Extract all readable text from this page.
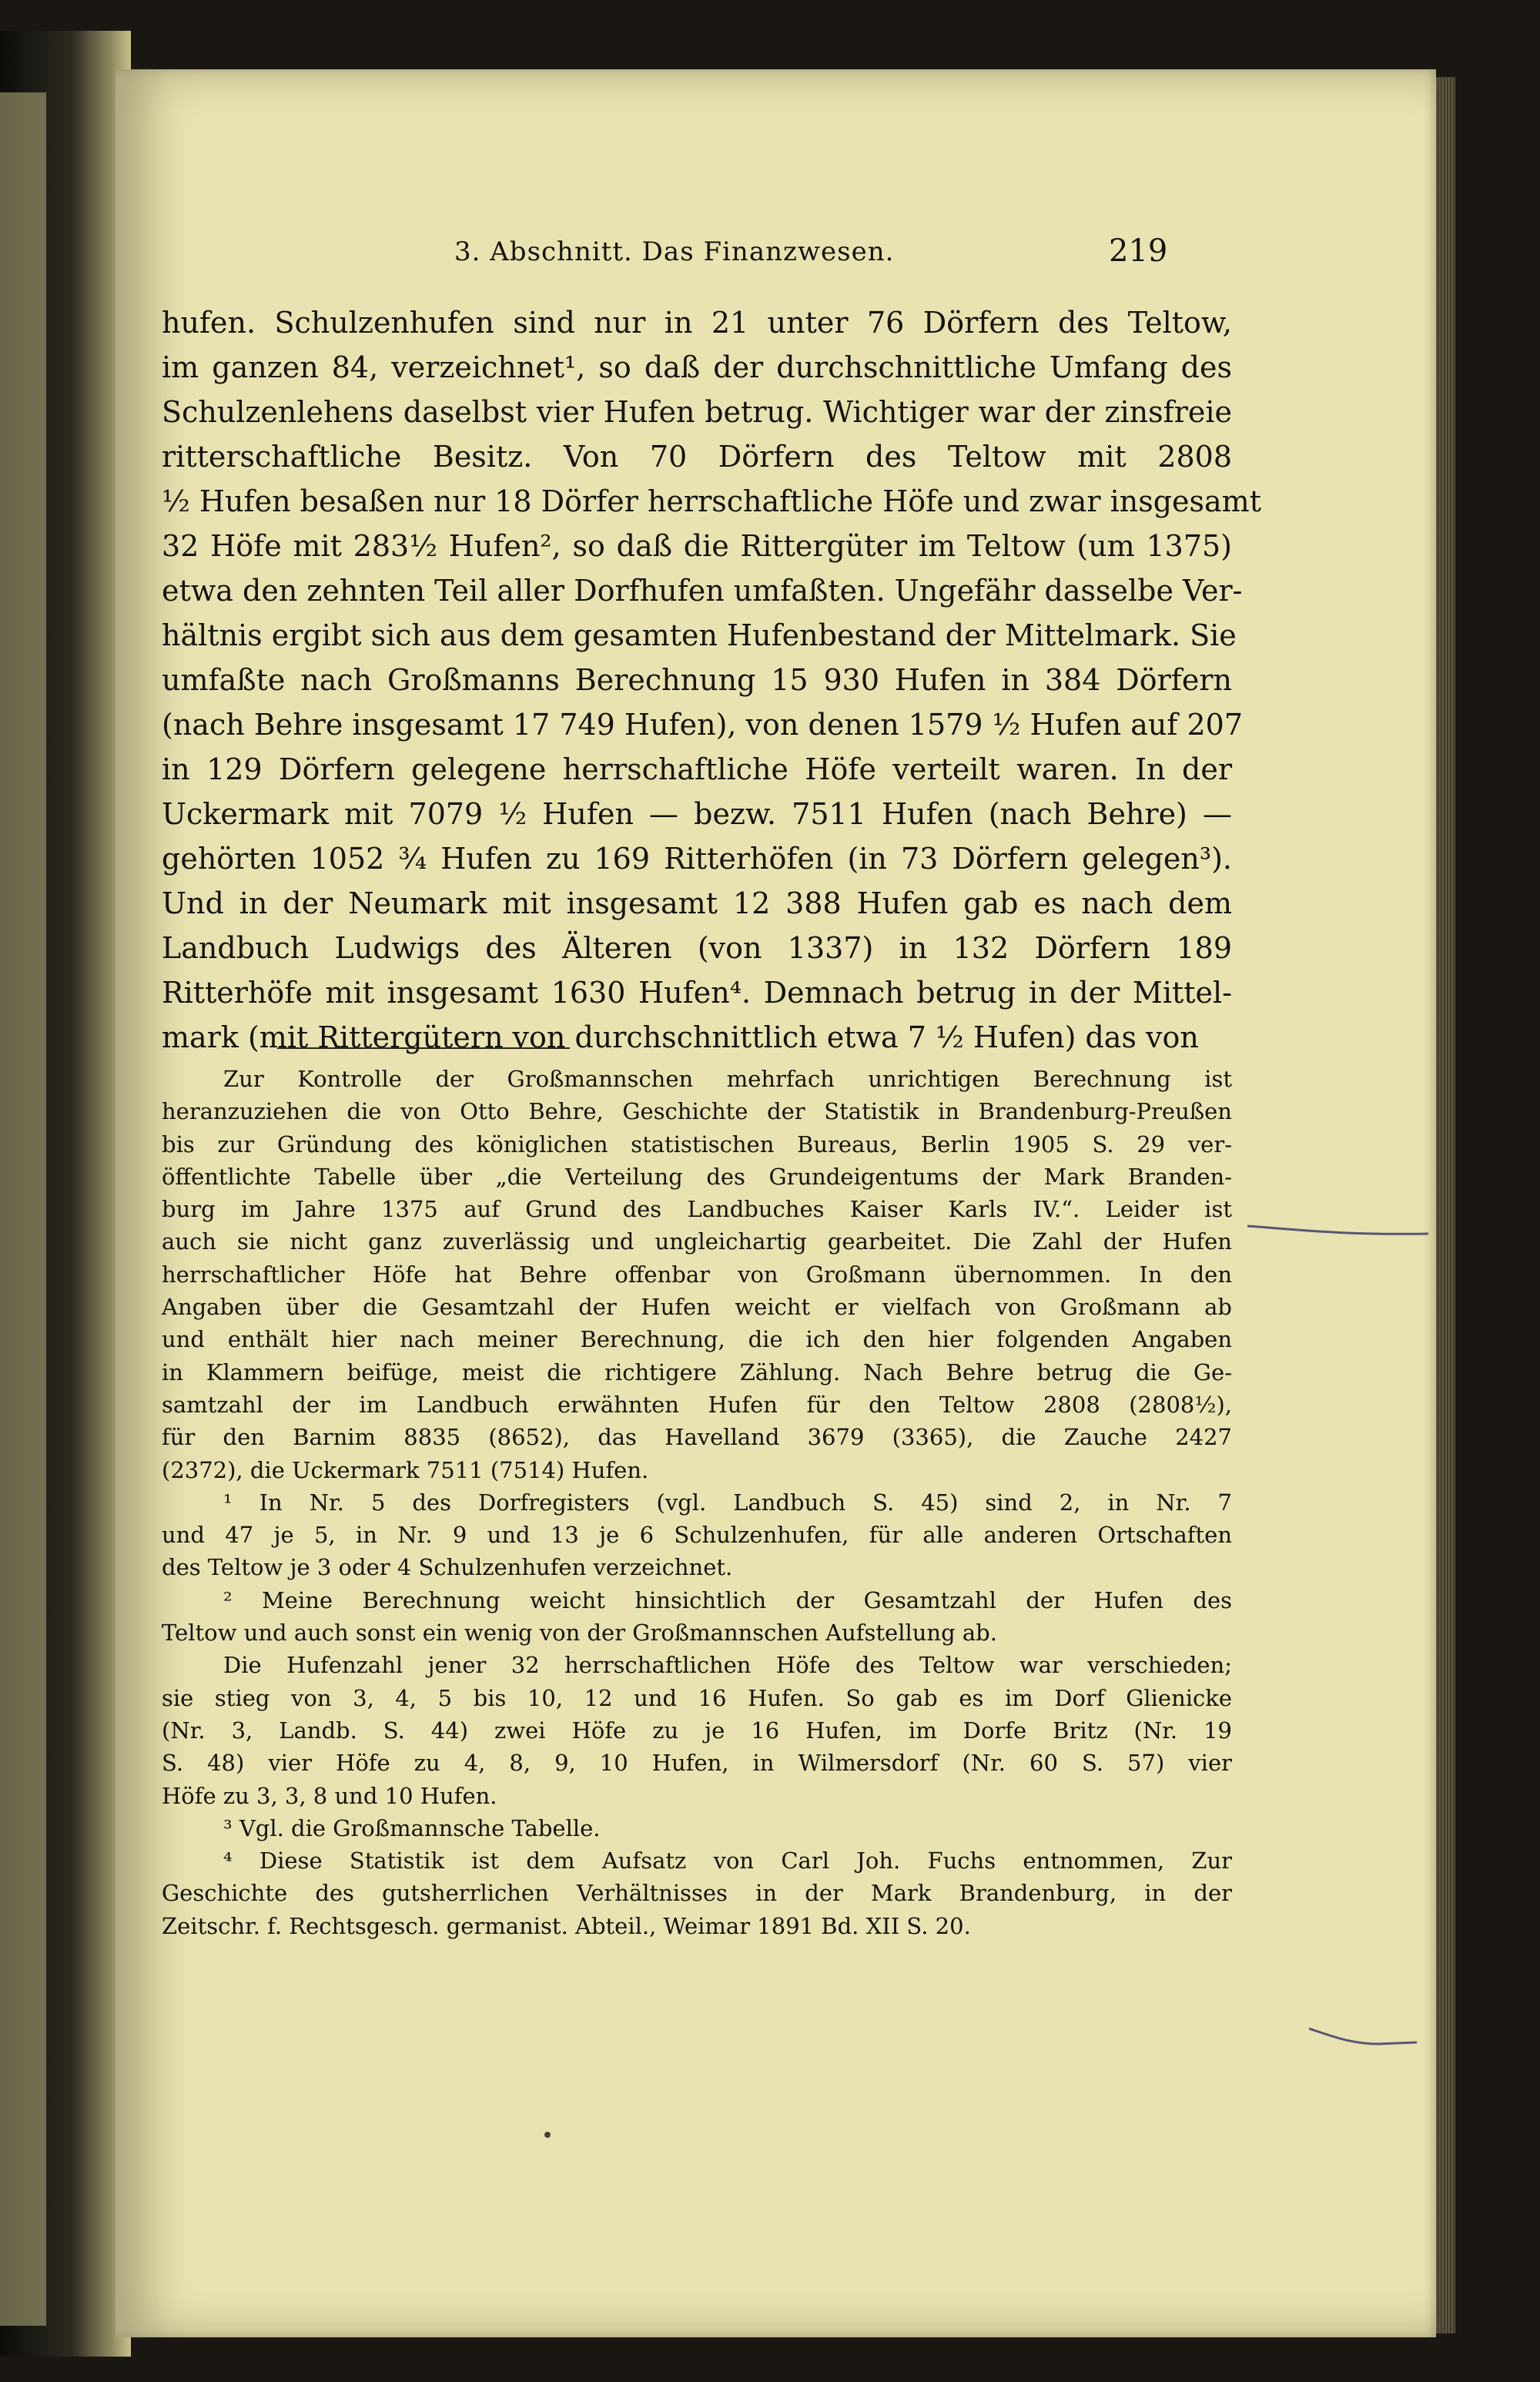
3. Abschnitt. Das Finanzwesen.	219
hufen. Schulzenhufen sind nur in 21 unter 76 Dörfern des Teltow,
im ganzen 84, verzeichnet¹, so daß der durchschnittliche Umfang des
Schulzenlehens daselbst vier Hufen betrug. Wichtiger war der zinsfreie
ritterschaftliche Besitz. Von 70 Dörfern des Teltow mit 2808
½ Hufen besaßen nur 18 Dörfer herrschaftliche Höfe und zwar insgesamt
32 Höfe mit 283½ Hufen², so daß die Rittergüter im Teltow (um 1375)
etwa den zehnten Teil aller Dorfhufen umfaßten. Ungefähr dasselbe Ver-
hältnis ergibt sich aus dem gesamten Hufenbestand der Mittelmark. Sie
umfaßte nach Großmanns Berechnung 15 930 Hufen in 384 Dörfern
(nach Behre insgesamt 17 749 Hufen), von denen 1579 ½ Hufen auf 207
in 129 Dörfern gelegene herrschaftliche Höfe verteilt waren. In der
Uckermark mit 7079 ½ Hufen — bezw. 7511 Hufen (nach Behre) —
gehörten 1052 ¾ Hufen zu 169 Ritterhöfen (in 73 Dörfern gelegen³).
Und in der Neumark mit insgesamt 12 388 Hufen gab es nach dem
Landbuch Ludwigs des Älteren (von 1337) in 132 Dörfern 189
Ritterhöfe mit insgesamt 1630 Hufen⁴. Demnach betrug in der Mittel-
mark (mit Rittergütern von durchschnittlich etwa 7 ½ Hufen) das von
Zur Kontrolle der Großmannschen mehrfach unrichtigen Berechnung ist
heranzuziehen die von Otto Behre, Geschichte der Statistik in Brandenburg-Preußen
bis zur Gründung des königlichen statistischen Bureaus, Berlin 1905 S. 29 ver-
öffentlichte Tabelle über „die Verteilung des Grundeigentums der Mark Branden-
burg im Jahre 1375 auf Grund des Landbuches Kaiser Karls IV.“. Leider ist
auch sie nicht ganz zuverlässig und ungleichartig gearbeitet. Die Zahl der Hufen
herrschaftlicher Höfe hat Behre offenbar von Großmann übernommen. In den
Angaben über die Gesamtzahl der Hufen weicht er vielfach von Großmann ab
und enthält hier nach meiner Berechnung, die ich den hier folgenden Angaben
in Klammern beifüge, meist die richtigere Zählung. Nach Behre betrug die Ge-
samtzahl der im Landbuch erwähnten Hufen für den Teltow 2808 (2808½),
für den Barnim 8835 (8652), das Havelland 3679 (3365), die Zauche 2427
(2372), die Uckermark 7511 (7514) Hufen.
¹ In Nr. 5 des Dorfregisters (vgl. Landbuch S. 45) sind 2, in Nr. 7
und 47 je 5, in Nr. 9 und 13 je 6 Schulzenhufen, für alle anderen Ortschaften
des Teltow je 3 oder 4 Schulzenhufen verzeichnet.
² Meine Berechnung weicht hinsichtlich der Gesamtzahl der Hufen des
Teltow und auch sonst ein wenig von der Großmannschen Aufstellung ab.
Die Hufenzahl jener 32 herrschaftlichen Höfe des Teltow war verschieden;
sie stieg von 3, 4, 5 bis 10, 12 und 16 Hufen. So gab es im Dorf Glienicke
(Nr. 3, Landb. S. 44) zwei Höfe zu je 16 Hufen, im Dorfe Britz (Nr. 19
S. 48) vier Höfe zu 4, 8, 9, 10 Hufen, in Wilmersdorf (Nr. 60 S. 57) vier
Höfe zu 3, 3, 8 und 10 Hufen.
³ Vgl. die Großmannsche Tabelle.
⁴ Diese Statistik ist dem Aufsatz von Carl Joh. Fuchs entnommen, Zur
Geschichte des gutsherrlichen Verhältnisses in der Mark Brandenburg, in der
Zeitschr. f. Rechtsgesch. germanist. Abteil., Weimar 1891 Bd. XII S. 20.
